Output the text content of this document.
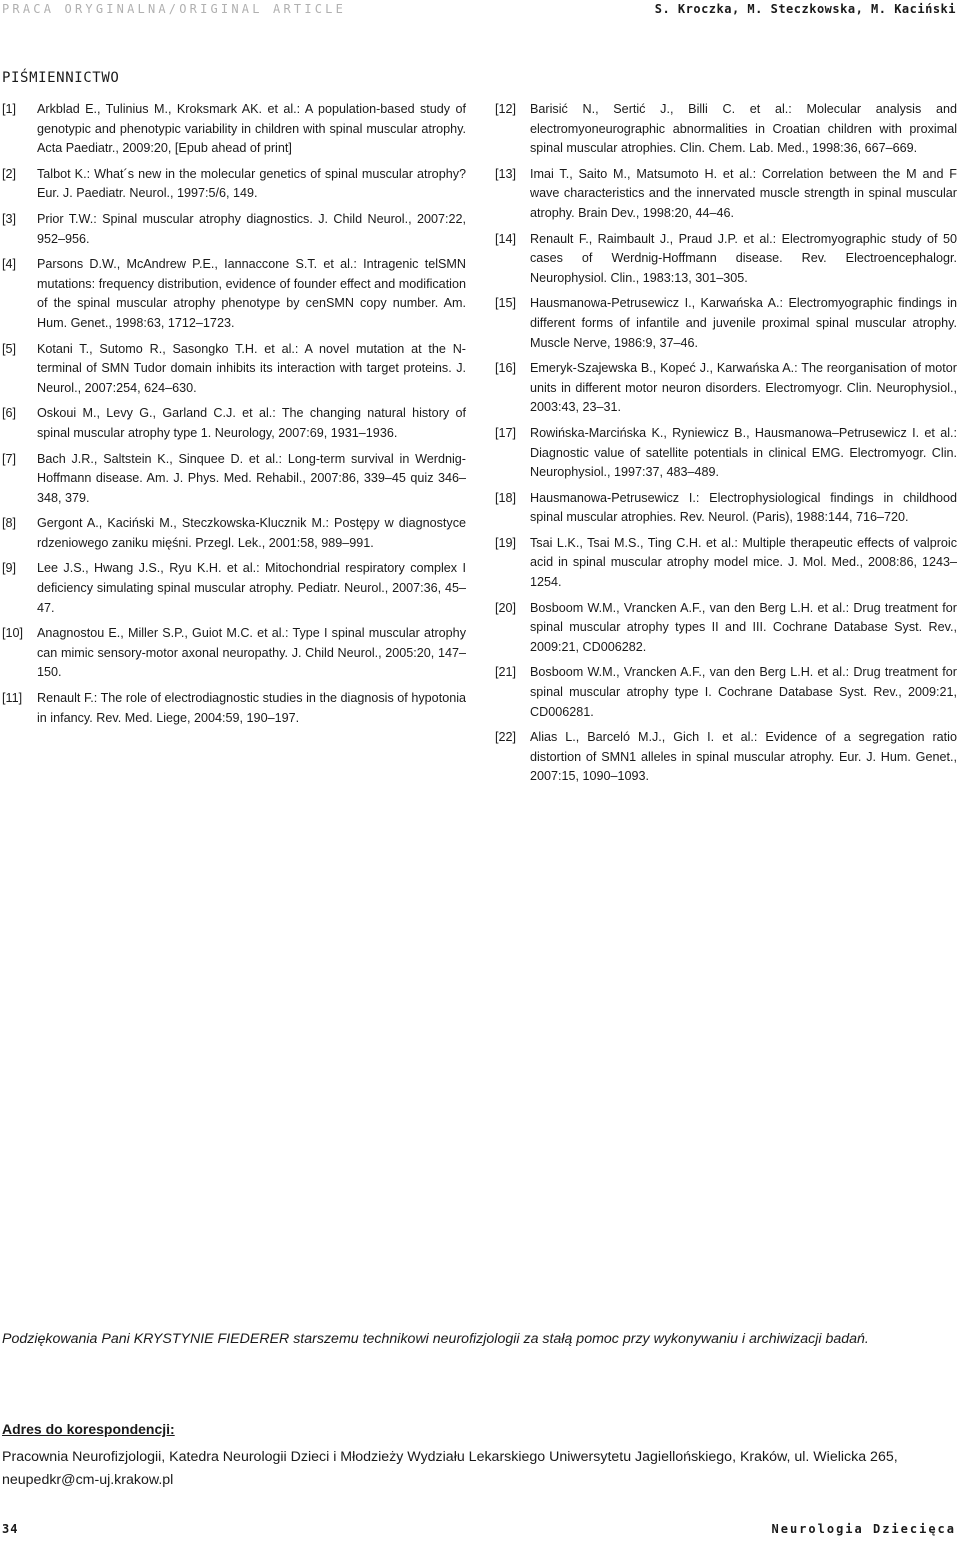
PRACA ORYGINALNA/ORIGINAL ARTICLE	S. Kroczka, M. Steczkowska, M. Kaciński
PIŚMIENNICTWO
[1]	Arkblad E., Tulinius M., Kroksmark AK. et al.: A population-based study of genotypic and phenotypic variability in children with spinal muscular atrophy. Acta Paediatr., 2009:20, [Epub ahead of print]
[2]	Talbot K.: What´s new in the molecular genetics of spinal muscular atrophy? Eur. J. Paediatr. Neurol., 1997:5/6, 149.
[3]	Prior T.W.: Spinal muscular atrophy diagnostics. J. Child Neurol., 2007:22, 952–956.
[4]	Parsons D.W., McAndrew P.E., Iannaccone S.T. et al.: Intragenic telSMN mutations: frequency distribution, evidence of founder effect and modification of the spinal muscular atrophy phenotype by cenSMN copy number. Am. Hum. Genet., 1998:63, 1712–1723.
[5]	Kotani T., Sutomo R., Sasongko T.H. et al.: A novel mutation at the N-terminal of SMN Tudor domain inhibits its interaction with target proteins. J. Neurol., 2007:254, 624–630.
[6]	Oskoui M., Levy G., Garland C.J. et al.: The changing natural history of spinal muscular atrophy type 1. Neurology, 2007:69, 1931–1936.
[7]	Bach J.R., Saltstein K., Sinquee D. et al.: Long-term survival in Werdnig-Hoffmann disease. Am. J. Phys. Med. Rehabil., 2007:86, 339–45 quiz 346–348, 379.
[8]	Gergont A., Kaciński M., Steczkowska-Klucznik M.: Postępy w diagnostyce rdzeniowego zaniku mięśni. Przegl. Lek., 2001:58, 989–991.
[9]	Lee J.S., Hwang J.S., Ryu K.H. et al.: Mitochondrial respiratory complex I deficiency simulating spinal muscular atrophy. Pediatr. Neurol., 2007:36, 45–47.
[10]	Anagnostou E., Miller S.P., Guiot M.C. et al.: Type I spinal muscular atrophy can mimic sensory-motor axonal neuropathy. J. Child Neurol., 2005:20, 147–150.
[11]	Renault F.: The role of electrodiagnostic studies in the diagnosis of hypotonia in infancy. Rev. Med. Liege, 2004:59, 190–197.
[12]	Barisić N., Sertić J., Billi C. et al.: Molecular analysis and electromyoneurographic abnormalities in Croatian children with proximal spinal muscular atrophies. Clin. Chem. Lab. Med., 1998:36, 667–669.
[13]	Imai T., Saito M., Matsumoto H. et al.: Correlation between the M and F wave characteristics and the innervated muscle strength in spinal muscular atrophy. Brain Dev., 1998:20, 44–46.
[14]	Renault F., Raimbault J., Praud J.P. et al.: Electromyographic study of 50 cases of Werdnig-Hoffmann disease. Rev. Electroencephalogr. Neurophysiol. Clin., 1983:13, 301–305.
[15]	Hausmanowa-Petrusewicz I., Karwańska A.: Electromyographic findings in different forms of infantile and juvenile proximal spinal muscular atrophy. Muscle Nerve, 1986:9, 37–46.
[16]	Emeryk-Szajewska B., Kopeć J., Karwańska A.: The reorganisation of motor units in different motor neuron disorders. Electromyogr. Clin. Neurophysiol., 2003:43, 23–31.
[17]	Rowińska-Marcińska K., Ryniewicz B., Hausmanowa–Petrusewicz I. et al.: Diagnostic value of satellite potentials in clinical EMG. Electromyogr. Clin. Neurophysiol., 1997:37, 483–489.
[18]	Hausmanowa-Petrusewicz I.: Electrophysiological findings in childhood spinal muscular atrophies. Rev. Neurol. (Paris), 1988:144, 716–720.
[19]	Tsai L.K., Tsai M.S., Ting C.H. et al.: Multiple therapeutic effects of valproic acid in spinal muscular atrophy model mice. J. Mol. Med., 2008:86, 1243–1254.
[20]	Bosboom W.M., Vrancken A.F., van den Berg L.H. et al.: Drug treatment for spinal muscular atrophy types II and III. Cochrane Database Syst. Rev., 2009:21, CD006282.
[21]	Bosboom W.M., Vrancken A.F., van den Berg L.H. et al.: Drug treatment for spinal muscular atrophy type I. Cochrane Database Syst. Rev., 2009:21, CD006281.
[22]	Alias L., Barceló M.J., Gich I. et al.: Evidence of a segregation ratio distortion of SMN1 alleles in spinal muscular atrophy. Eur. J. Hum. Genet., 2007:15, 1090–1093.
Podziękowania Pani KRYSTYNIE FIEDERER starszemu technikowi neurofizjologii za stałą pomoc przy wykonywaniu i archiwizacji badań.
Adres do korespondencji:
Pracownia Neurofizjologii, Katedra Neurologii Dzieci i Młodzieży Wydziału Lekarskiego Uniwersytetu Jagiellońskiego, Kraków, ul. Wielicka 265, neupedkr@cm-uj.krakow.pl
34	Neurologia Dziecięca
